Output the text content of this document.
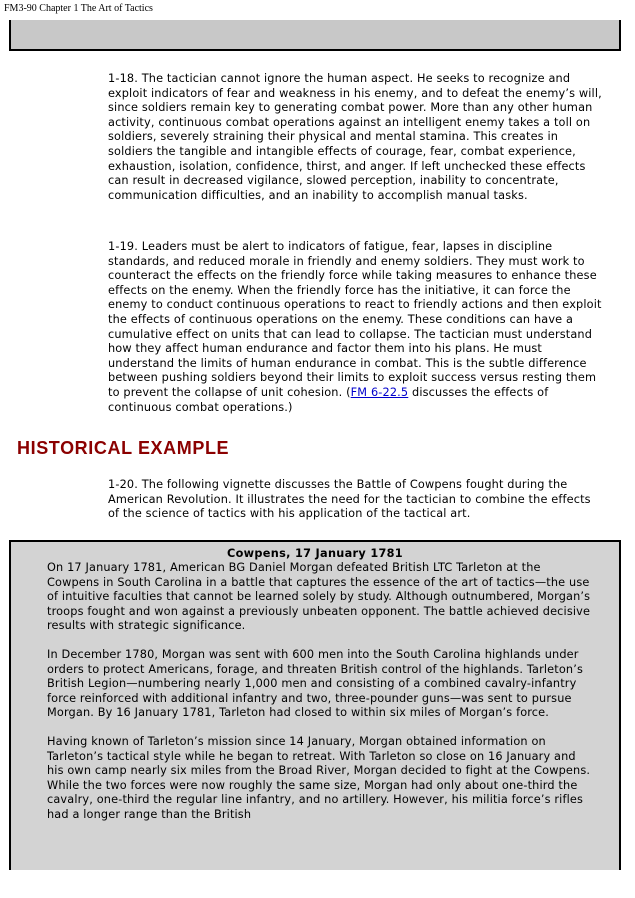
FM3-90 Chapter 1 The Art of Tactics

1-18. The tactician cannot ignore the human aspect. He seeks to recognize and exploit indicators of fear and weakness in his enemy, and to defeat the enemy’s will, since soldiers remain key to generating combat power. More than any other human activity, continuous combat operations against an intelligent enemy takes a toll on soldiers, severely straining their physical and mental stamina. This creates in soldiers the tangible and intangible effects of courage, fear, combat experience, exhaustion, isolation, confidence, thirst, and anger. If left unchecked these effects can result in decreased vigilance, slowed perception, inability to concentrate, communication difficulties, and an inability to accomplish manual tasks.

1-19. Leaders must be alert to indicators of fatigue, fear, lapses in discipline standards, and reduced morale in friendly and enemy soldiers. They must work to counteract the effects on the friendly force while taking measures to enhance these effects on the enemy. When the friendly force has the initiative, it can force the enemy to conduct continuous operations to react to friendly actions and then exploit the effects of continuous operations on the enemy. These conditions can have a cumulative effect on units that can lead to collapse. The tactician must understand how they affect human endurance and factor them into his plans. He must understand the limits of human endurance in combat. This is the subtle difference between pushing soldiers beyond their limits to exploit success versus resting them to prevent the collapse of unit cohesion. (FM 6-22.5 discusses the effects of continuous combat operations.)

HISTORICAL EXAMPLE

1-20. The following vignette discusses the Battle of Cowpens fought during the American Revolution. It illustrates the need for the tactician to combine the effects of the science of tactics with his application of the tactical art.

Cowpens, 17 January 1781

On 17 January 1781, American BG Daniel Morgan defeated British LTC Tarleton at the Cowpens in South Carolina in a battle that captures the essence of the art of tactics—the use of intuitive faculties that cannot be learned solely by study. Although outnumbered, Morgan’s troops fought and won against a previously unbeaten opponent. The battle achieved decisive results with strategic significance.

In December 1780, Morgan was sent with 600 men into the South Carolina highlands under orders to protect Americans, forage, and threaten British control of the highlands. Tarleton’s British Legion—numbering nearly 1,000 men and consisting of a combined cavalry-infantry force reinforced with additional infantry and two, three-pounder guns—was sent to pursue Morgan. By 16 January 1781, Tarleton had closed to within six miles of Morgan’s force.

Having known of Tarleton’s mission since 14 January, Morgan obtained information on Tarleton’s tactical style while he began to retreat. With Tarleton so close on 16 January and his own camp nearly six miles from the Broad River, Morgan decided to fight at the Cowpens. While the two forces were now roughly the same size, Morgan had only about one-third the cavalry, one-third the regular line infantry, and no artillery. However, his militia force’s rifles had a longer range than the British
